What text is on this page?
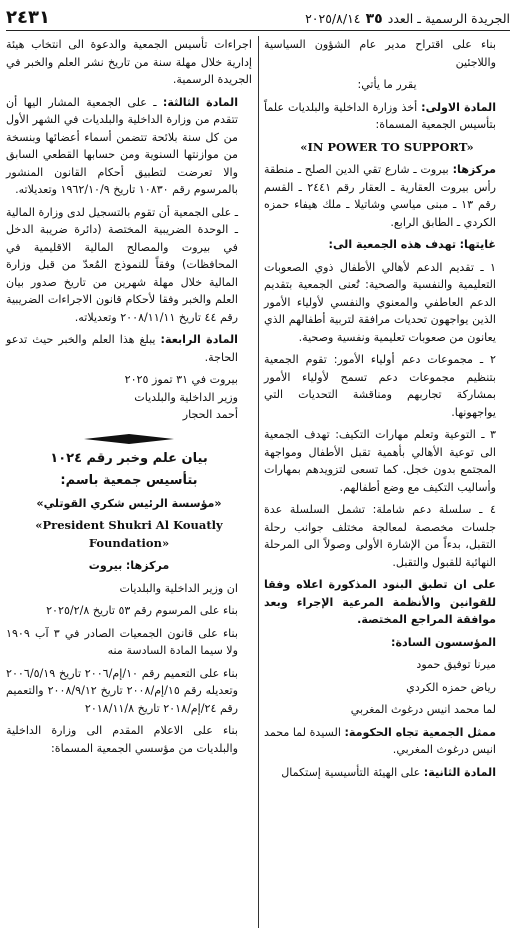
الجريدة الرسمية ـ العدد ٣٥ ٢٠٢٥/٨/١٤
٢٤٣١

بناء على اقتراح مدير عام الشؤون السياسية واللاجئين

يقرر ما يأتي:

المادة الاولى: أخذ وزارة الداخلية والبلديات علماً بتأسيس الجمعية المسماة:

«IN POWER TO SUPPORT»

مركزها: بيروت ـ شارع تقي الدين الصلح ـ منطقة رأس بيروت العقارية ـ العقار رقم ٢٤٤١ ـ القسم رقم ١٣ ـ مبنى مياسي وشاتيلا ـ ملك هيفاء حمزه الكردي ـ الطابق الرابع.

غايتها: تهدف هذه الجمعية الى:

١ ـ تقديم الدعم لأهالي الأطفال ذوي الصعوبات التعليمية والنفسية والصحية: تُعنى الجمعية بتقديم الدعم العاطفي والمعنوي والنفسي لأولياء الأمور الذين يواجهون تحديات مرافقة لتربية أطفالهم الذي يعانون من صعوبات تعليمية ونفسية وصحية.

٢ ـ مجموعات دعم أولياء الأمور: تقوم الجمعية بتنظيم مجموعات دعم تسمح لأولياء الأمور بمشاركة تجاربهم ومناقشة التحديات التي يواجهونها.

٣ ـ التوعية وتعلم مهارات التكيف: تهدف الجمعية الى توعية الأهالي بأهمية تقبل الأطفال ومواجهة المجتمع بدون خجل. كما تسعى لتزويدهم بمهارات وأساليب التكيف مع وضع أطفالهم.

٤ ـ سلسلة دعم شاملة: تشمل السلسلة عدة جلسات مخصصة لمعالجة مختلف جوانب رحلة التقبل، بدءاً من الإشارة الأولى وصولاً الى المرحلة النهائية للقبول والتقبل.

على ان تطبق البنود المذكورة اعلاه وفقا للقوانين والأنظمة المرعية الإجراء وبعد موافقة المراجع المختصة.

المؤسسون السادة:

ميرنا توفيق حمود

رياض حمزه الكردي

لما محمد انيس درغوث المغربي

ممثل الجمعية تجاه الحكومة: السيدة لما محمد انيس درغوث المغربي.

المادة الثانية: على الهيئة التأسيسية إستكمال

اجراءات تأسيس الجمعية والدعوة الى انتخاب هيئة إدارية خلال مهلة سنة من تاريخ نشر العلم والخبر في الجريدة الرسمية.

المادة الثالثة: ـ على الجمعية المشار اليها أن تتقدم من وزارة الداخلية والبلديات في الشهر الأول من كل سنة بلائحة تتضمن أسماء أعضائها وبنسخة من موازنتها السنوية ومن حسابها القطعي السابق والا تعرضت لتطبيق أحكام القانون المنشور بالمرسوم رقم ١٠٨٣٠ تاريخ ١٩٦٢/١٠/٩ وتعديلاته.

ـ على الجمعية أن تقوم بالتسجيل لدى وزارة المالية ـ الوحدة الضريبية المختصة (دائرة ضريبة الدخل في بيروت والمصالح المالية الاقليمية في المحافظات) وفقاً للنموذج المُعدّ من قبل وزارة المالية خلال مهلة شهرين من تاريخ صدور بيان العلم والخبر وفقا لأحكام قانون الاجراءات الضريبية رقم ٤٤ تاريخ ٢٠٠٨/١١/١١ وتعديلاته.

المادة الرابعة: يبلغ هذا العلم والخبر حيث تدعو الحاجة.

بيروت في ٣١ تموز ٢٠٢٥

وزير الداخلية والبلديات

أحمد الحجار

بيان علم وخبر رقم ١٠٢٤

بتأسيس جمعية باسم:

«مؤسسة الرئيس شكري القوتلي»

«President Shukri Al Kouatly Foundation»

مركزها: بيروت

ان وزير الداخلية والبلديات

بناء على المرسوم رقم ٥٣ تاريخ ٢٠٢٥/٢/٨

بناء على قانون الجمعيات الصادر في ٣ آب ١٩٠٩ ولا سيما المادة السادسة منه

بناء على التعميم رقم ١٠/إم/٢٠٠٦ تاريخ ٢٠٠٦/٥/١٩ وتعديله رقم ١٥/إم/٢٠٠٨ تاريخ ٢٠٠٨/٩/١٢ والتعميم رقم ٢٤/إم/٢٠١٨ تاريخ ٢٠١٨/١١/٨

بناء على الاعلام المقدم الى وزارة الداخلية والبلديات من مؤسسي الجمعية المسماة:
